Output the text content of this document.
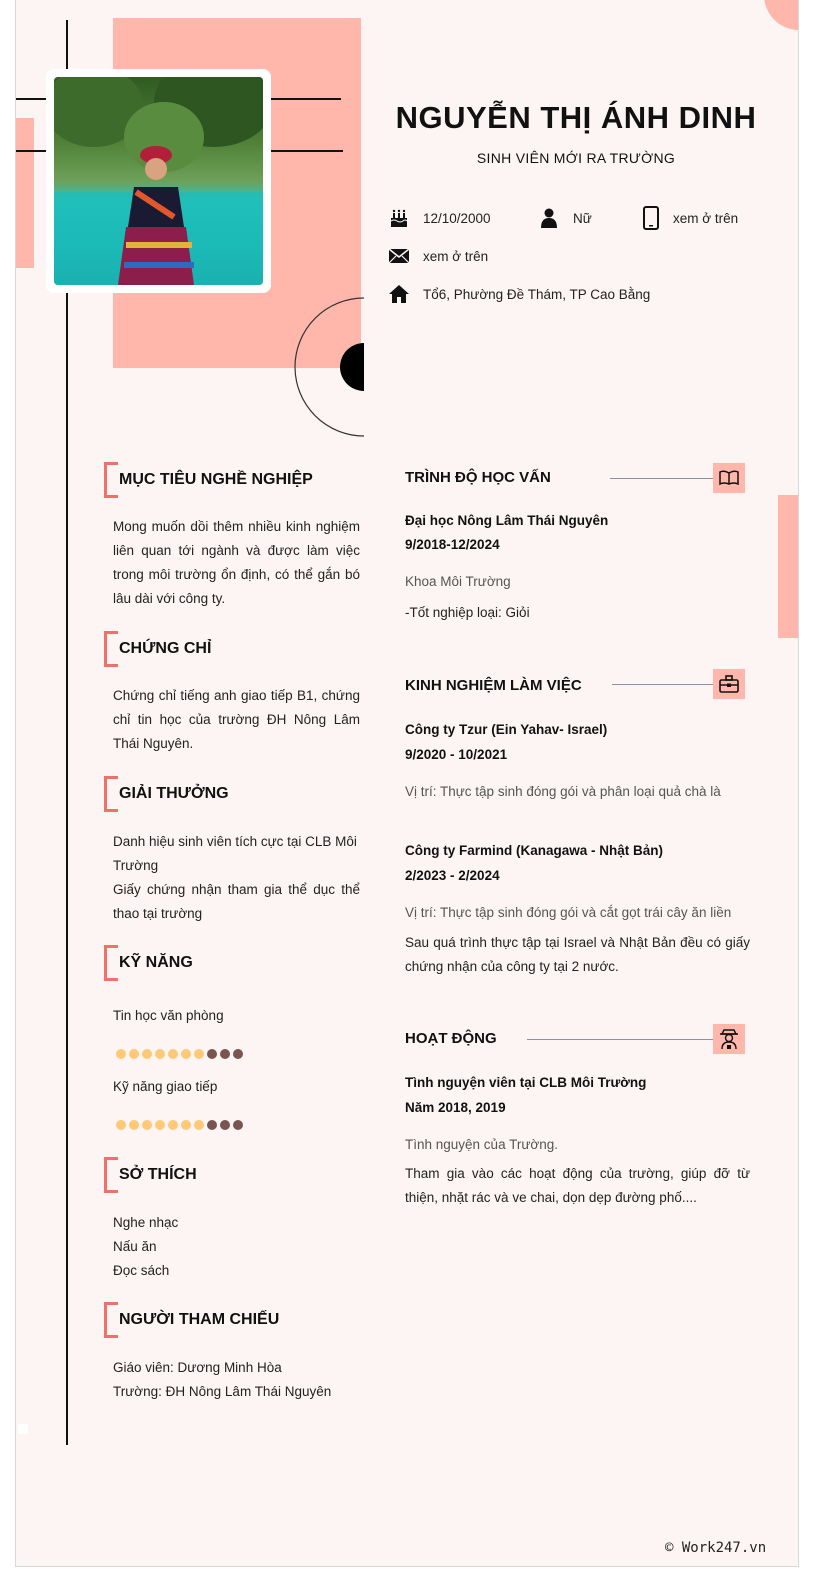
NGUYỄN THỊ ÁNH DINH
SINH VIÊN MỚI RA TRƯỜNG
12/10/2000	Nữ	xem ở trên
xem ở trên
Tổ6, Phường Đề Thám, TP Cao Bằng
MỤC TIÊU NGHỀ NGHIỆP
Mong muốn dồi thêm nhiều kinh nghiệm liên quan tới ngành và được làm việc trong môi trường ổn định, có thể gắn bó lâu dài với công ty.
CHỨNG CHỈ
Chứng chỉ tiếng anh giao tiếp B1, chứng chỉ tin học của trường ĐH Nông Lâm Thái Nguyên.
GIẢI THƯỞNG
Danh hiệu sinh viên tích cực tại CLB Môi Trường
Giấy chứng nhận tham gia thể dục thể thao tại trường
KỸ NĂNG
Tin học văn phòng
Kỹ năng giao tiếp
SỞ THÍCH
Nghe nhạc
Nấu ăn
Đọc sách
NGƯỜI THAM CHIẾU
Giáo viên: Dương Minh Hòa
Trường: ĐH Nông Lâm Thái Nguyên
TRÌNH ĐỘ HỌC VẤN
Đại học Nông Lâm Thái Nguyên
9/2018-12/2024
Khoa Môi Trường
-Tốt nghiệp loại: Giỏi
KINH NGHIỆM LÀM VIỆC
Công ty Tzur (Ein Yahav- Israel)
9/2020 - 10/2021
Vị trí: Thực tập sinh đóng gói và phân loại quả chà là
Công ty Farmind (Kanagawa - Nhật Bản)
2/2023 - 2/2024
Vị trí: Thực tập sinh đóng gói và cắt gọt trái cây ăn liền
Sau quá trình thực tập tại Israel và Nhật Bản đều có giấy chứng nhận của công ty tại 2 nước.
HOẠT ĐỘNG
Tình nguyện viên tại CLB Môi Trường
Năm 2018, 2019
Tình nguyện của Trường.
Tham gia vào các hoạt động của trường, giúp đỡ từ thiện, nhặt rác và ve chai, dọn dẹp đường phố....
© Work247.vn
